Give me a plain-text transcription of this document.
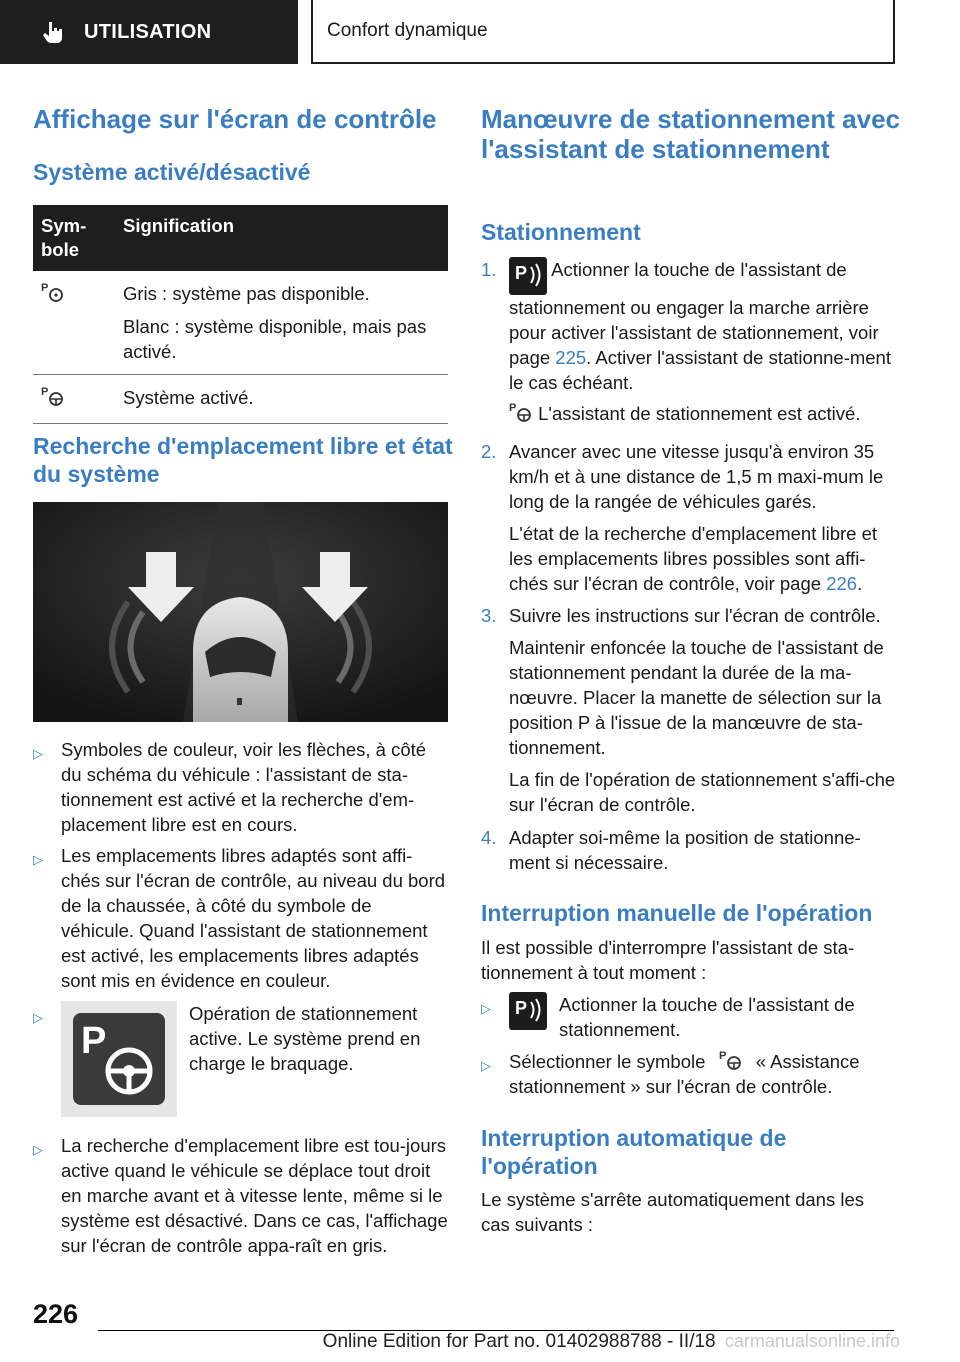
UTILISATION	Confort dynamique
Affichage sur l'écran de contrôle
Système activé/désactivé
Sym-
bole	Signification

P	Gris : système pas disponible.

Blanc : système disponible, mais pas activé.

P	Système activé.
Recherche d'emplacement libre et état du système
▷ Symboles de couleur, voir les flèches, à côté du schéma du véhicule : l'assistant de sta-tionnement est activé et la recherche d'em-placement libre est en cours.
▷ Les emplacements libres adaptés sont affi-chés sur l'écran de contrôle, au niveau du bord de la chaussée, à côté du symbole de véhicule. Quand l'assistant de stationnement est activé, les emplacements libres adaptés sont mis en évidence en couleur.
▷
P
Opération de stationnement active. Le système prend en charge le braquage.
▷ La recherche d'emplacement libre est tou-jours active quand le véhicule se déplace tout droit en marche avant et à vitesse lente, même si le système est désactivé. Dans ce cas, l'affichage sur l'écran de contrôle appa-raît en gris.
Manœuvre de stationnement avec l'assistant de stationnement
Stationnement
1.	P Actionner la touche de l'assistant de stationnement ou engager la marche arrière pour activer l'assistant de stationnement, voir page 225. Activer l'assistant de stationne-ment le cas échéant.
P L'assistant de stationnement est activé.
2. Avancer avec une vitesse jusqu'à environ 35 km/h et à une distance de 1,5 m maxi-mum le long de la rangée de véhicules garés.
L'état de la recherche d'emplacement libre et les emplacements libres possibles sont affi-chés sur l'écran de contrôle, voir page 226.
3. Suivre les instructions sur l'écran de contrôle.
Maintenir enfoncée la touche de l'assistant de stationnement pendant la durée de la ma-nœuvre. Placer la manette de sélection sur la position P à l'issue de la manœuvre de sta-tionnement.
La fin de l'opération de stationnement s'affi-che sur l'écran de contrôle.
4. Adapter soi-même la position de stationne-ment si nécessaire.
Interruption manuelle de l'opération
Il est possible d'interrompre l'assistant de sta-tionnement à tout moment :
▷	P Actionner la touche de l'assistant de stationnement.
▷ Sélectionner le symbole P « Assistance stationnement » sur l'écran de contrôle.
Interruption automatique de l'opération
Le système s'arrête automatiquement dans les cas suivants :
226
Online Edition for Part no. 01402988788 - II/18 carmanualsonline.info
